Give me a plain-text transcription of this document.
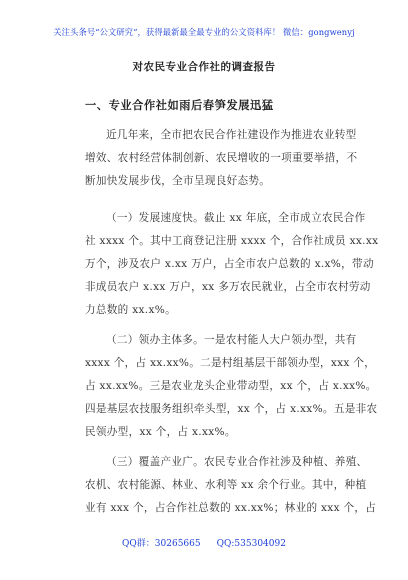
关注头条号“公文研究”，获得最新最全最专业的公文资料库！ 微信：gongwenyj
对农民专业合作社的调查报告
一、专业合作社如雨后春笋发展迅猛

近几年来，全市把农民合作社建设作为推进农业转型
增效、农村经营体制创新、农民增收的一项重要举措，不
断加快发展步伐，全市呈现良好态势。

（一）发展速度快。截止 xx 年底，全市成立农民合作
社 xxxx 个。其中工商登记注册 xxxx 个，合作社成员 xx.xx
万个，涉及农户 x.xx 万户，占全市农户总数的 x.x%，带动
非成员农户 x.xx 万户，xx 多万农民就业，占全市农村劳动
力总数的 xx.x%。

（二）领办主体多。一是农村能人大户领办型，共有
xxxx 个，占 xx.xx%。二是村组基层干部领办型，xxx 个，
占 xx.xx%。三是农业龙头企业带动型，xx 个，占 x.xx%。
四是基层农技服务组织牵头型，xx 个，占 x.xx%。五是非农
民领办型，xx 个，占 x.xx%。

（三）覆盖产业广。农民专业合作社涉及种植、养殖、
农机、农村能源、林业、水利等 xx 余个行业。其中，种植
业有 xxx 个，占合作社总数的 xx.xx%；林业的 xxx 个，占

QQ群：30265665 QQ:535304092
